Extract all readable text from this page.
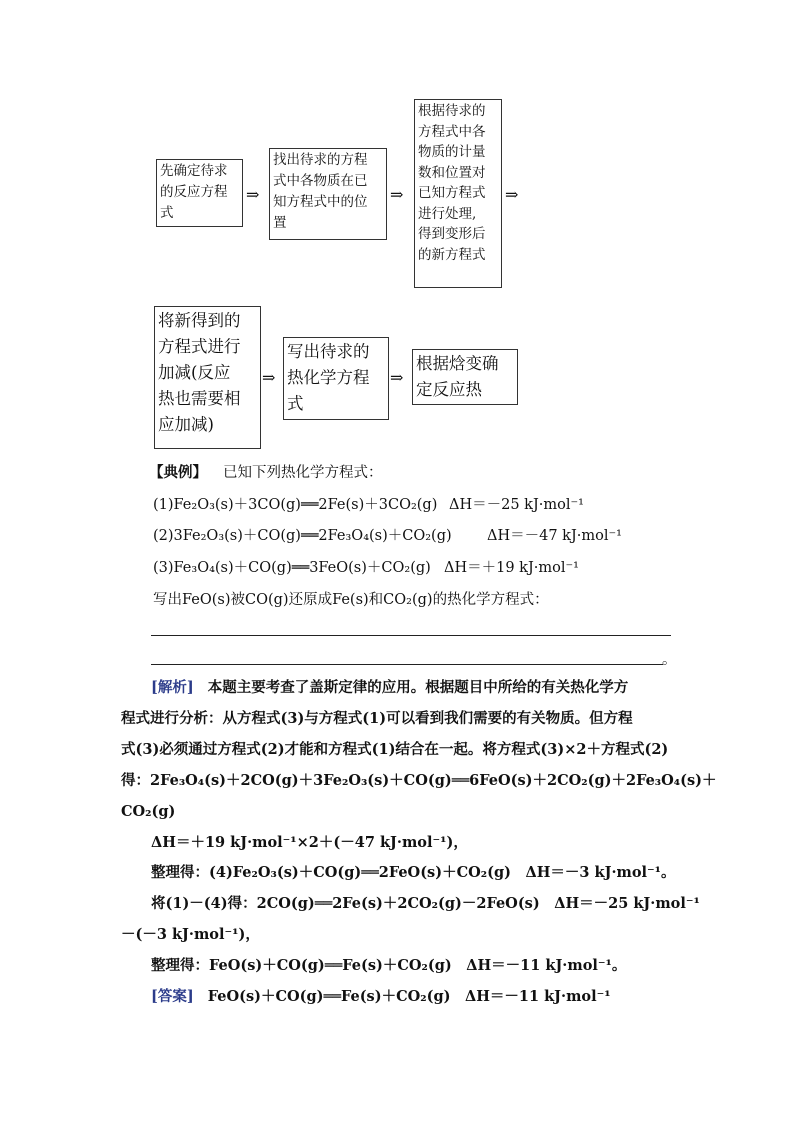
先确定待求
的反应方程
式
⇒
找出待求的方程
式中各物质在已
知方程式中的位
置
⇒
根据待求的
方程式中各
物质的计量
数和位置对
已知方程式
进行处理,
得到变形后
的新方程式
⇒
将新得到的
方程式进行
加减(反应
热也需要相
应加减)
⇒
写出待求的
热化学方程
式
⇒
根据焓变确
定反应热
【典例】 已知下列热化学方程式：
(1)Fe₂O₃(s)＋3CO(g)══2Fe(s)＋3CO₂(g) ΔH＝－25 kJ·mol⁻¹
(2)3Fe₂O₃(s)＋CO(g)══2Fe₃O₄(s)＋CO₂(g) ΔH＝－47 kJ·mol⁻¹
(3)Fe₃O₄(s)＋CO(g)══3FeO(s)＋CO₂(g) ΔH＝＋19 kJ·mol⁻¹
写出FeO(s)被CO(g)还原成Fe(s)和CO₂(g)的热化学方程式：
。
[解析] 本题主要考查了盖斯定律的应用。根据题目中所给的有关热化学方
程式进行分析：从方程式(3)与方程式(1)可以看到我们需要的有关物质。但方程
式(3)必须通过方程式(2)才能和方程式(1)结合在一起。将方程式(3)×2＋方程式(2)
得：2Fe₃O₄(s)＋2CO(g)＋3Fe₂O₃(s)＋CO(g)══6FeO(s)＋2CO₂(g)＋2Fe₃O₄(s)＋
CO₂(g)
ΔH＝＋19 kJ·mol⁻¹×2＋(－47 kJ·mol⁻¹)，
整理得：(4)Fe₂O₃(s)＋CO(g)══2FeO(s)＋CO₂(g)　ΔH＝－3 kJ·mol⁻¹。
将(1)－(4)得：2CO(g)══2Fe(s)＋2CO₂(g)－2FeO(s)　ΔH＝－25 kJ·mol⁻¹
－(－3 kJ·mol⁻¹)，
整理得：FeO(s)＋CO(g)══Fe(s)＋CO₂(g)　ΔH＝－11 kJ·mol⁻¹。
[答案] FeO(s)＋CO(g)══Fe(s)＋CO₂(g)　ΔH＝－11 kJ·mol⁻¹
